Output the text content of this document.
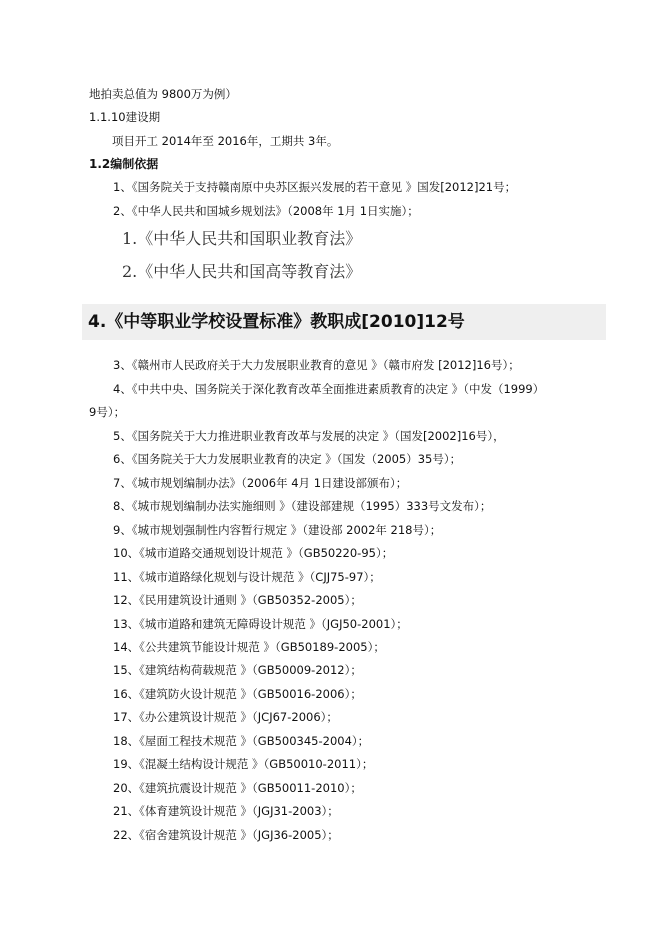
地拍卖总值为 9800万为例）
1.1.10建设期
项目开工 2014年至 2016年，工期共 3年。
1.2编制依据
1、《国务院关于支持赣南原中央苏区振兴发展的若干意见 》国发[2012]21号；
2、《中华人民共和国城乡规划法》（2008年 1月 1日实施）；
1.《中华人民共和国职业教育法》
2.《中华人民共和国高等教育法》
4.《中等职业学校设置标准》教职成[2010]12号
3、《赣州市人民政府关于大力发展职业教育的意见 》（赣市府发 [2012]16号）；
4、《中共中央、国务院关于深化教育改革全面推进素质教育的决定 》（中发（1999）
9号）；
5、《国务院关于大力推进职业教育改革与发展的决定 》（国发[2002]16号），
6、《国务院关于大力发展职业教育的决定 》（国发（2005）35号）；
7、《城市规划编制办法》（2006年 4月 1日建设部颁布）；
8、《城市规划编制办法实施细则 》（建设部建规（1995）333号文发布）；
9、《城市规划强制性内容暂行规定 》（建设部 2002年 218号）；
10、《城市道路交通规划设计规范 》（GB50220-95）；
11、《城市道路绿化规划与设计规范 》（CJJ75-97）；
12、《民用建筑设计通则 》（GB50352-2005）；
13、《城市道路和建筑无障碍设计规范 》（JGJ50-2001）；
14、《公共建筑节能设计规范 》（GB50189-2005）；
15、《建筑结构荷载规范 》（GB50009-2012）；
16、《建筑防火设计规范 》（GB50016-2006）；
17、《办公建筑设计规范 》（JCJ67-2006）；
18、《屋面工程技术规范 》（GB500345-2004）；
19、《混凝土结构设计规范 》（GB50010-2011）；
20、《建筑抗震设计规范 》（GB50011-2010）；
21、《体育建筑设计规范 》（JGJ31-2003）；
22、《宿舍建筑设计规范 》（JGJ36-2005）；
